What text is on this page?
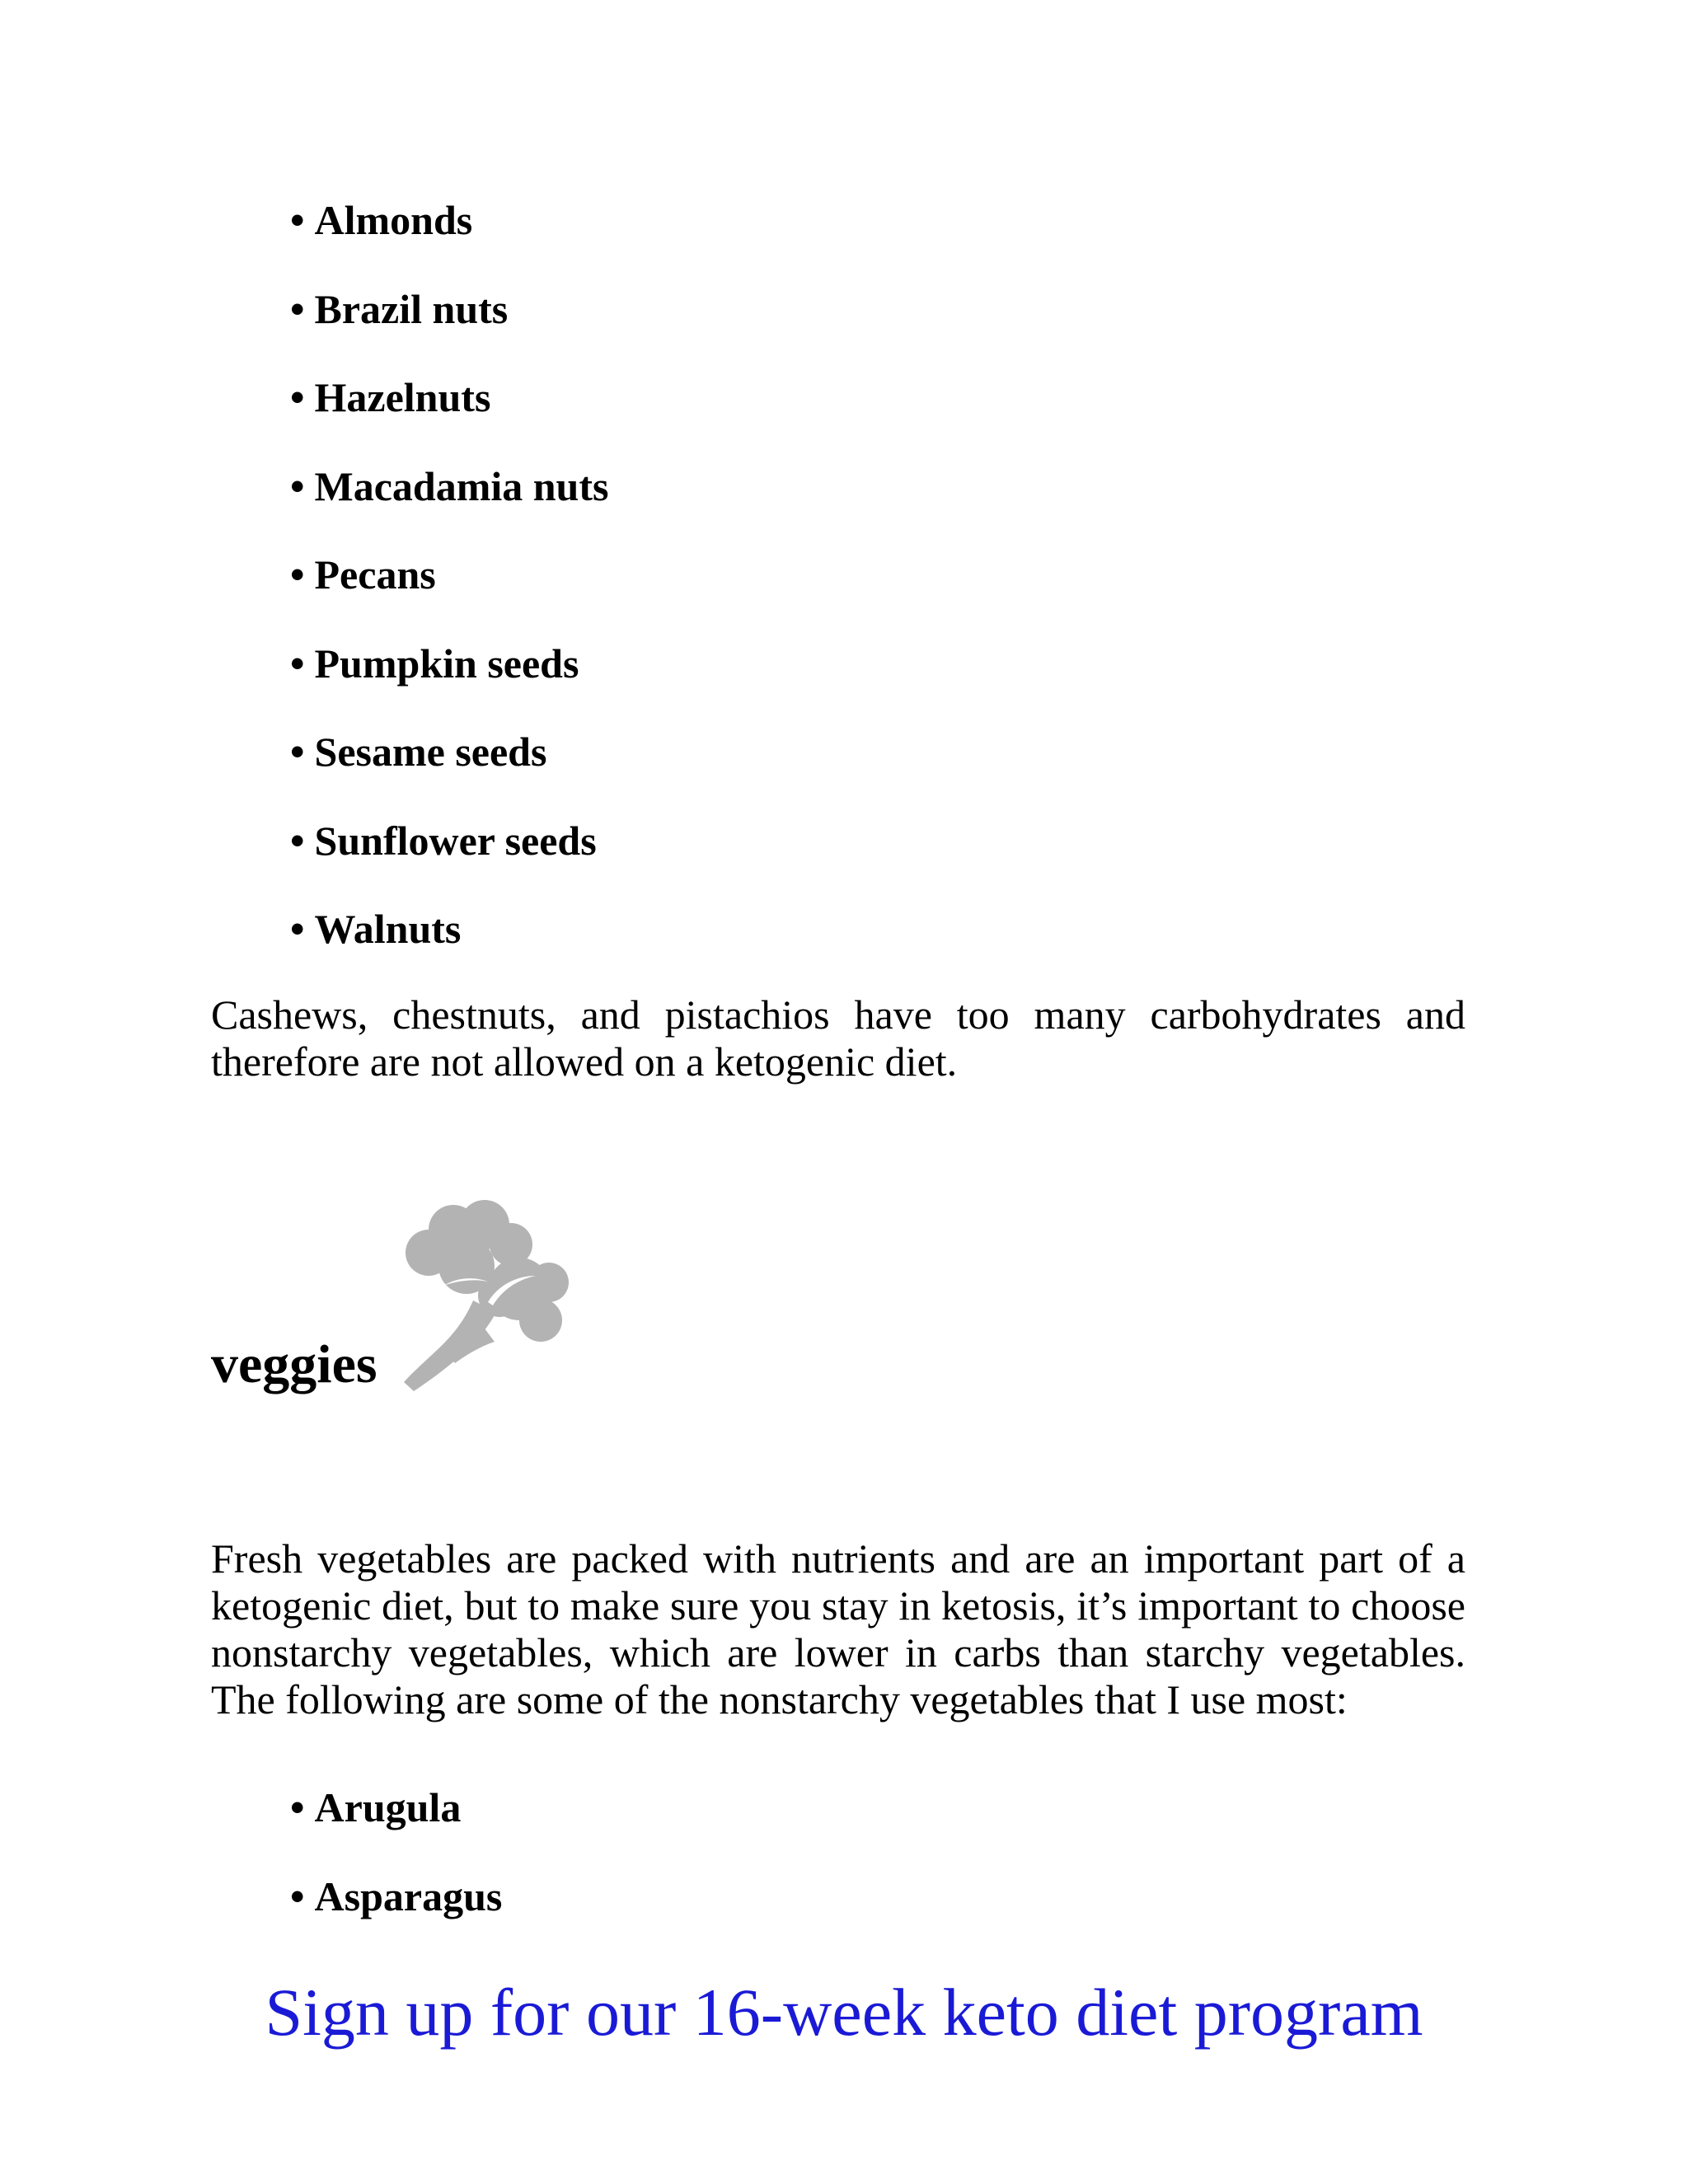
• Almonds
• Brazil nuts
• Hazelnuts
• Macadamia nuts
• Pecans
• Pumpkin seeds
• Sesame seeds
• Sunflower seeds
• Walnuts

Cashews, chestnuts, and pistachios have too many carbohydrates and therefore are not allowed on a ketogenic diet.

veggies

Fresh vegetables are packed with nutrients and are an important part of a ketogenic diet, but to make sure you stay in ketosis, it’s important to choose nonstarchy vegetables, which are lower in carbs than starchy vegetables. The following are some of the nonstarchy vegetables that I use most:

• Arugula
• Asparagus
Sign up for our 16-week keto diet program
